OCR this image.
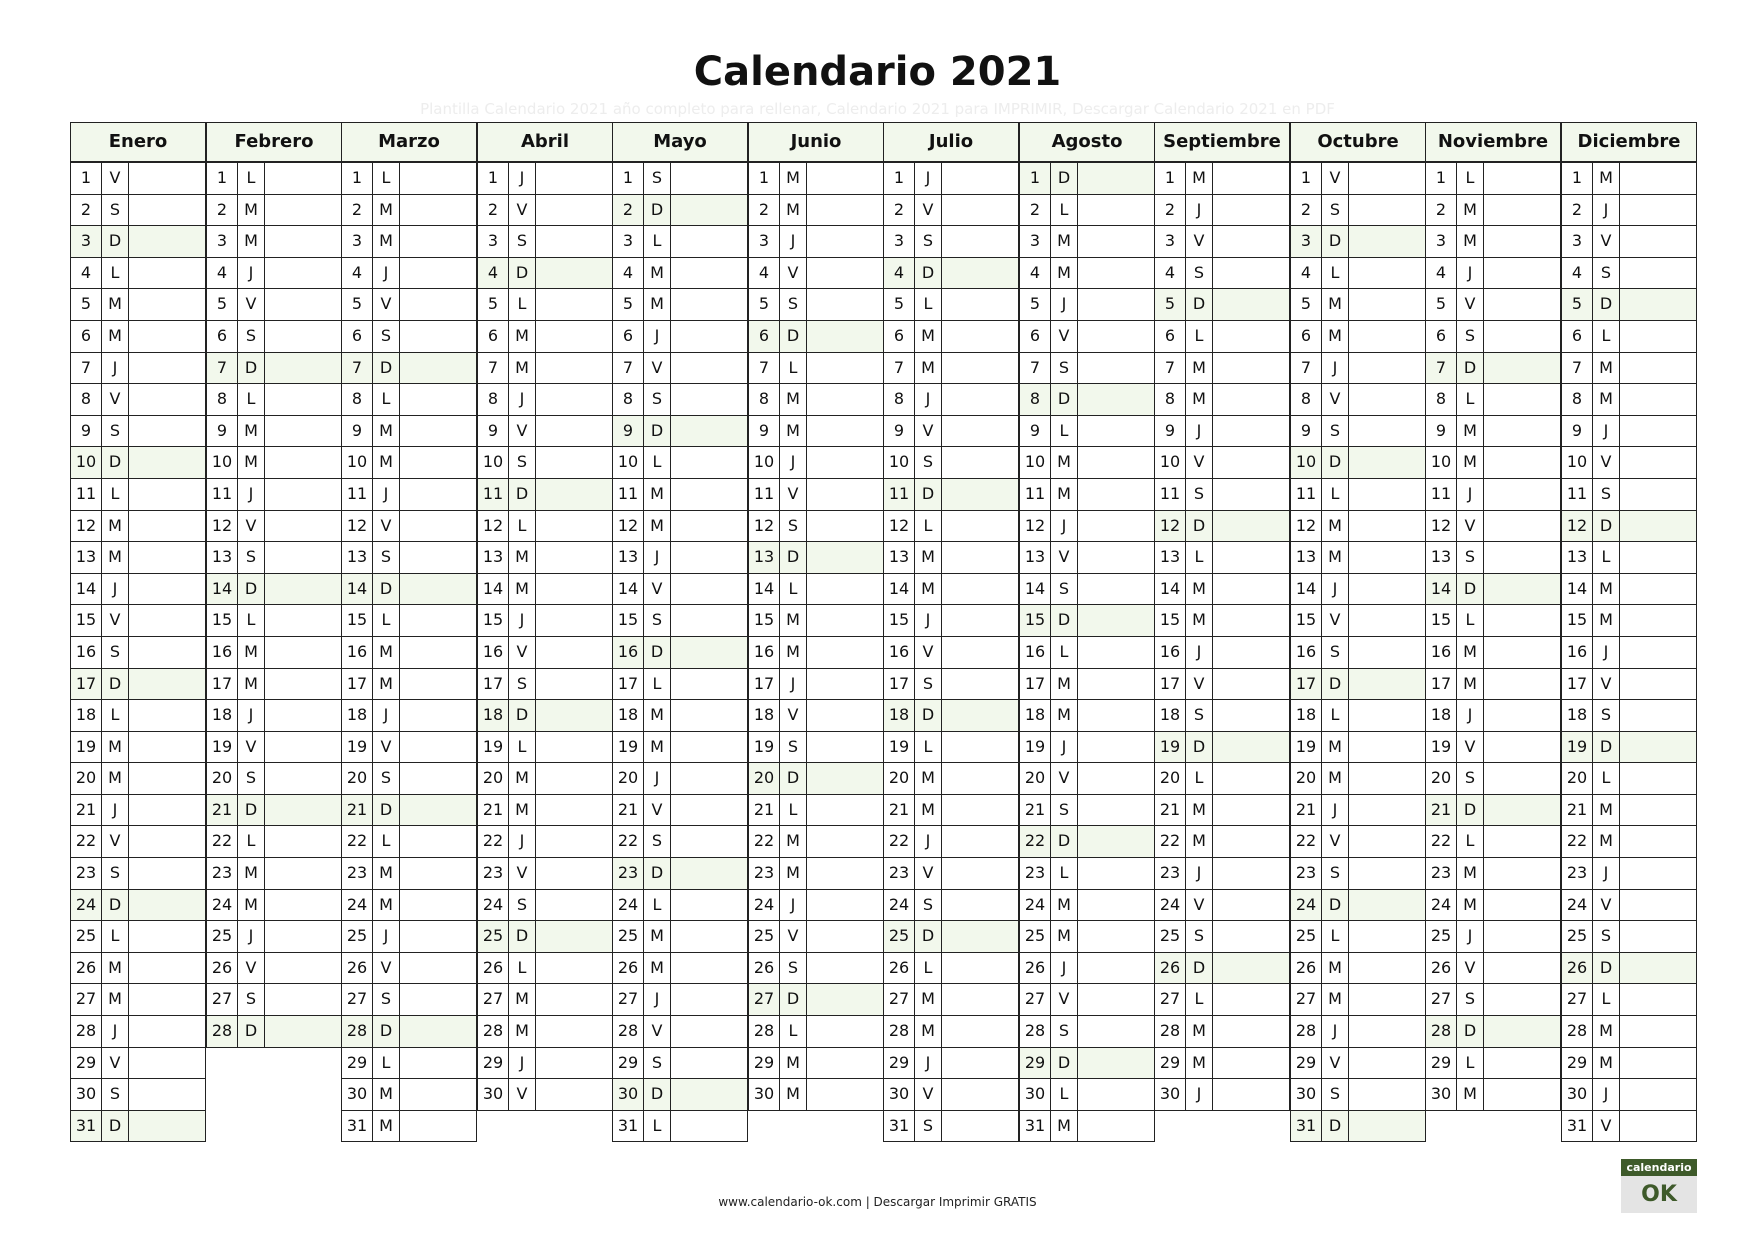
Calendario 2021
Plantilla Calendario 2021 año completo para rellenar, Calendario 2021 para IMPRIMIR, Descargar Calendario 2021 en PDF
Enero
1	V
2	S
3	D
4	L
5	M
6	M
7	J
8	V
9	S
10 D
11 L
12 M
13 M
14	J
15 V
16 S
17 D
18 L
19 M
20 M
21	J
22 V
23 S
24 D
25 L
26 M
27 M
28	J
29 V
30 S
31 D
Febrero
1	L
2	M
3	M
4	J
5	V
6	S
7	D
8	L
9	M
10 M
11	J
12 V
13 S
14 D
15 L
16 M
17 M
18	J
19 V
20 S
21 D
22 L
23 M
24 M
25	J
26 V
27 S
28 D
Marzo
1	L
2	M
3	M
4	J
5	V
6	S
7	D
8	L
9	M
10 M
11	J
12 V
13 S
14 D
15 L
16 M
17 M
18	J
19 V
20 S
21 D
22 L
23 M
24 M
25	J
26 V
27 S
28 D
29 L
30 M
31 M
Abril
1	J
2	V
3	S
4	D
5	L
6	M
7	M
8	J
9	V
10 S
11 D
12 L
13 M
14 M
15	J
16 V
17 S
18 D
19 L
20 M
21 M
22	J
23 V
24 S
25 D
26 L
27 M
28 M
29	J
30 V
Mayo
1	S
2	D
3	L
4	M
5	M
6	J
7	V
8	S
9	D
10 L
11 M
12 M
13	J
14 V
15 S
16 D
17 L
18 M
19 M
20	J
21 V
22 S
23 D
24 L
25 M
26 M
27	J
28 V
29 S
30 D
31 L
Junio
1	M
2	M
3	J
4	V
5	S
6	D
7	L
8	M
9	M
10	J
11 V
12 S
13 D
14 L
15 M
16 M
17	J
18 V
19 S
20 D
21 L
22 M
23 M
24	J
25 V
26 S
27 D
28 L
29 M
30 M
Julio
1	J
2	V
3	S
4	D
5	L
6	M
7	M
8	J
9	V
10 S
11 D
12 L
13 M
14 M
15	J
16 V
17 S
18 D
19 L
20 M
21 M
22	J
23 V
24 S
25 D
26 L
27 M
28 M
29	J
30 V
31 S
Agosto
1	D
2	L
3	M
4	M
5	J
6	V
7	S
8	D
9	L
10 M
11 M
12	J
13 V
14 S
15 D
16 L
17 M
18 M
19	J
20 V
21 S
22 D
23 L
24 M
25 M
26	J
27 V
28 S
29 D
30 L
31 M
Septiembre
1	M
2	J
3	V
4	S
5	D
6	L
7	M
8	M
9	J
10 V
11 S
12 D
13 L
14 M
15 M
16	J
17 V
18 S
19 D
20 L
21 M
22 M
23	J
24 V
25 S
26 D
27 L
28 M
29 M
30	J
Octubre
1	V
2	S
3	D
4	L
5	M
6	M
7	J
8	V
9	S
10 D
11 L
12 M
13 M
14	J
15 V
16 S
17 D
18 L
19 M
20 M
21	J
22 V
23 S
24 D
25 L
26 M
27 M
28	J
29 V
30 S
31 D
Noviembre
1	L
2	M
3	M
4	J
5	V
6	S
7	D
8	L
9	M
10 M
11	J
12 V
13 S
14 D
15 L
16 M
17 M
18	J
19 V
20 S
21 D
22 L
23 M
24 M
25	J
26 V
27 S
28 D
29 L
30 M
Diciembre
1	M
2	J
3	V
4	S
5	D
6	L
7	M
8	M
9	J
10 V
11 S
12 D
13 L
14 M
15 M
16	J
17 V
18 S
19 D
20 L
21 M
22 M
23	J
24 V
25 S
26 D
27 L
28 M
29 M
30	J
31 V
www.calendario-ok.com | Descargar Imprimir GRATIS
calendario
OK
